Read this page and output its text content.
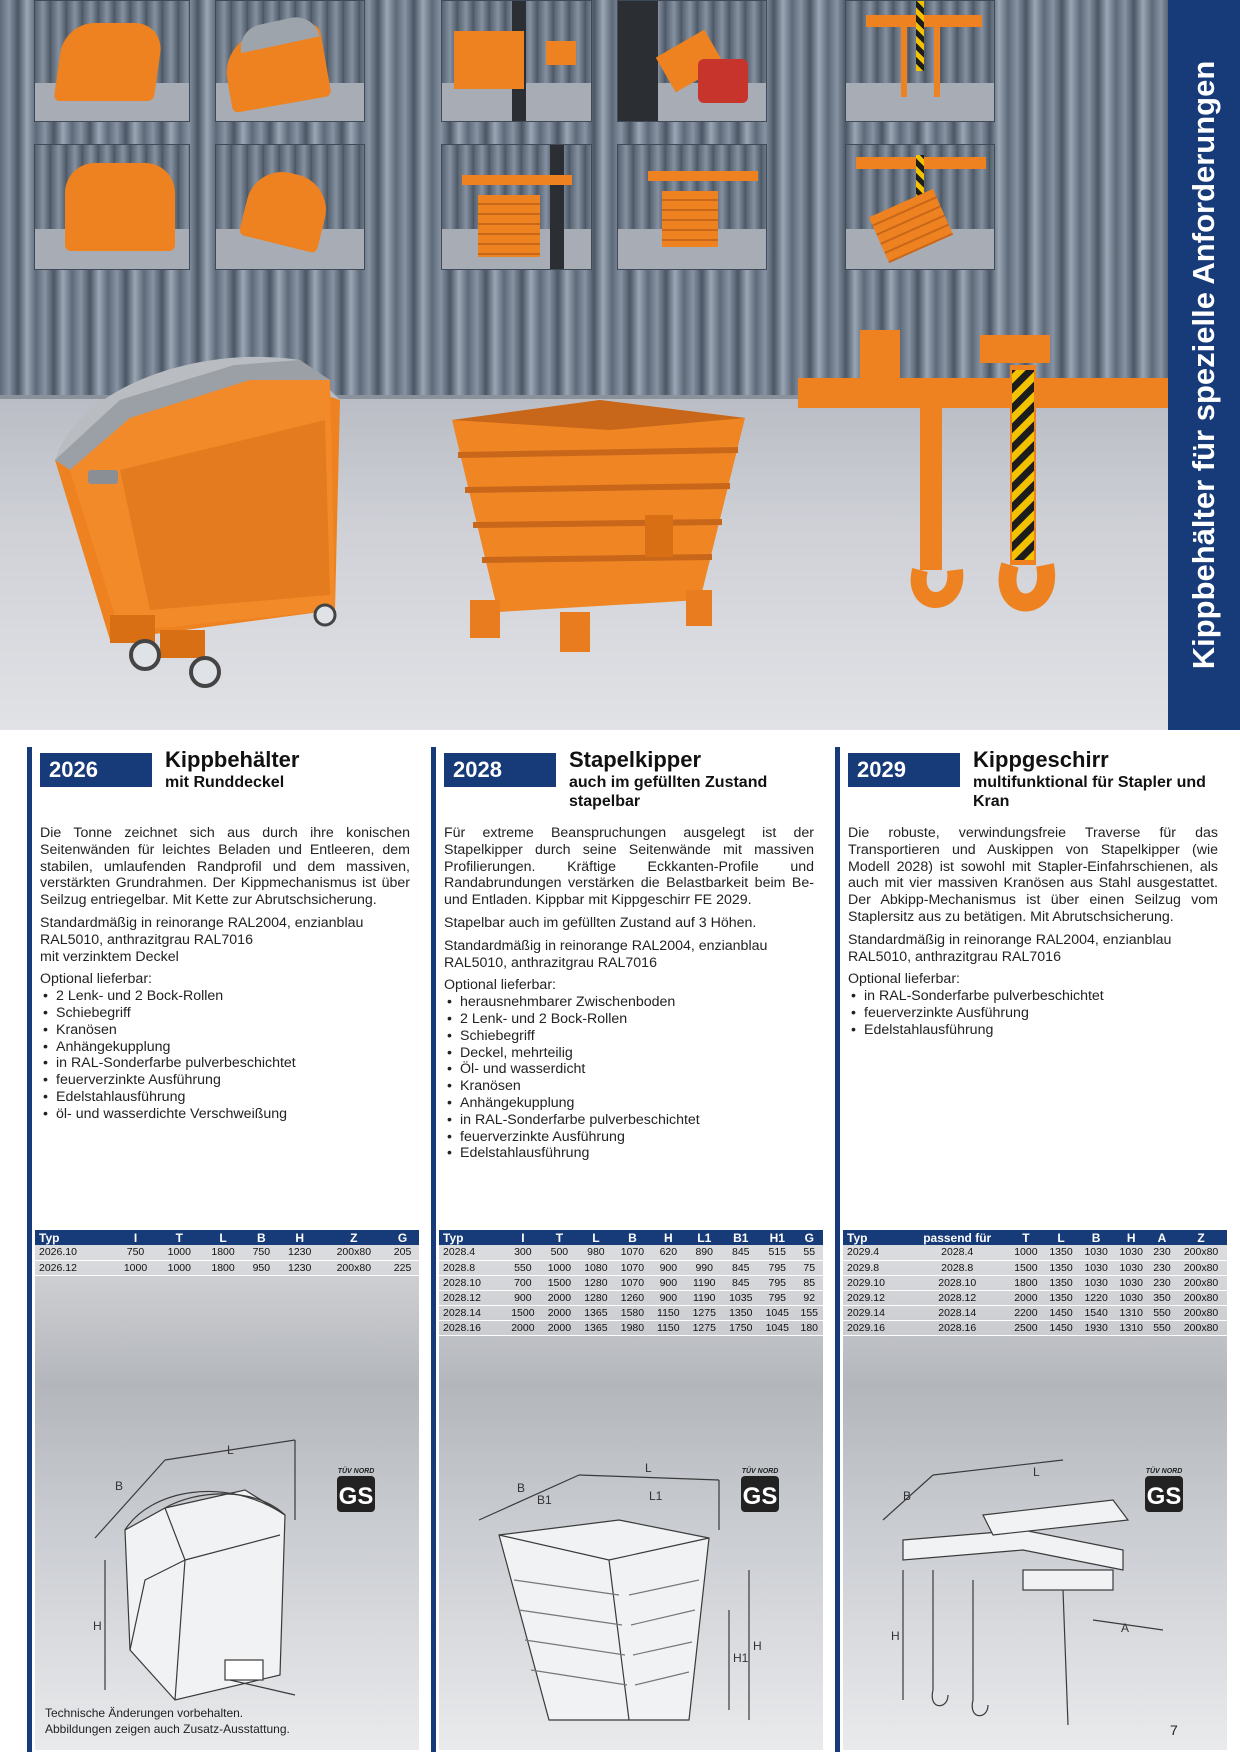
Kippbehälter für spezielle Anforderungen
2026	Kippbehälter
mit Runddeckel

Die Tonne zeichnet sich aus durch ihre konischen Seitenwänden für leichtes Beladen und Entleeren, dem stabilen, umlaufenden Randprofil und dem massiven, verstärkten Grundrahmen. Der Kippmechanismus ist über Seilzug entriegelbar. Mit Kette zur Abrutschsicherung.

Standardmäßig in reinorange RAL2004, enzianblau
RAL5010, anthrazitgrau RAL7016
mit verzinktem Deckel

Optional lieferbar:
• 2 Lenk- und 2 Bock-Rollen
• Schiebegriff
• Kranösen
• Anhängekupplung
• in RAL-Sonderfarbe pulverbeschichtet
• feuerverzinkte Ausführung
• Edelstahlausführung
• öl- und wasserdichte Verschweißung
Typ	I	T	L	B	H	Z	G
2026.10	750	1000	1800	750	1230	200x80	205
2026.12	1000	1000	1800	950	1230	200x80	225
B
L
H
TÜV NORD
GS
2028	Stapelkipper
auch im gefüllten Zustand stapelbar

Für extreme Beanspruchungen ausgelegt ist der Stapelkipper durch seine Seitenwände mit massiven Profilierungen. Kräftige Eckkanten-Profile und Randabrundungen verstärken die Belastbarkeit beim Be- und Entladen. Kippbar mit Kippgeschirr FE 2029.

Stapelbar auch im gefüllten Zustand auf 3 Höhen.

Standardmäßig in reinorange RAL2004, enzianblau
RAL5010, anthrazitgrau RAL7016

Optional lieferbar:
• herausnehmbarer Zwischenboden
• 2 Lenk- und 2 Bock-Rollen
• Schiebegriff
• Deckel, mehrteilig
• Öl- und wasserdicht
• Kranösen
• Anhängekupplung
• in RAL-Sonderfarbe pulverbeschichtet
• feuerverzinkte Ausführung
• Edelstahlausführung
Typ	I	T	L	B	H	L1	B1	H1	G
2028.4	300	500	980	1070	620	890	845	515	55
2028.8	550	1000	1080	1070	900	990	845	795	75
2028.10	700	1500	1280	1070	900	1190	845	795	85
2028.12	900	2000	1280	1260	900	1190	1035	795	92
2028.14	1500	2000	1365	1580	1150	1275	1350	1045	155
2028.16	2000	2000	1365	1980	1150	1275	1750	1045	180
B
B1
L
L1
H1
H
TÜV NORD
GS
2029	Kippgeschirr
multifunktional für Stapler und Kran

Die robuste, verwindungsfreie Traverse für das Transportieren und Auskippen von Stapelkipper (wie Modell 2028) ist sowohl mit Stapler-Einfahrschienen, als auch mit vier massiven Kranösen aus Stahl ausgestattet. Der Abkipp-Mechanismus ist über einen Seilzug vom Staplersitz aus zu betätigen. Mit Abrutschsicherung.

Standardmäßig in reinorange RAL2004, enzianblau
RAL5010, anthrazitgrau RAL7016

Optional lieferbar:
• in RAL-Sonderfarbe pulverbeschichtet
• feuerverzinkte Ausführung
• Edelstahlausführung
Typ	passend für	T	L	B	H	A	Z
2029.4	2028.4	1000	1350	1030	1030	230	200x80
2029.8	2028.8	1500	1350	1030	1030	230	200x80
2029.10	2028.10	1800	1350	1030	1030	230	200x80
2029.12	2028.12	2000	1350	1220	1030	350	200x80
2029.14	2028.14	2200	1450	1540	1310	550	200x80
2029.16	2028.16	2500	1450	1930	1310	550	200x80
B
L
A
H
TÜV NORD
GS
Technische Änderungen vorbehalten.
Abbildungen zeigen auch Zusatz-Ausstattung.	7
